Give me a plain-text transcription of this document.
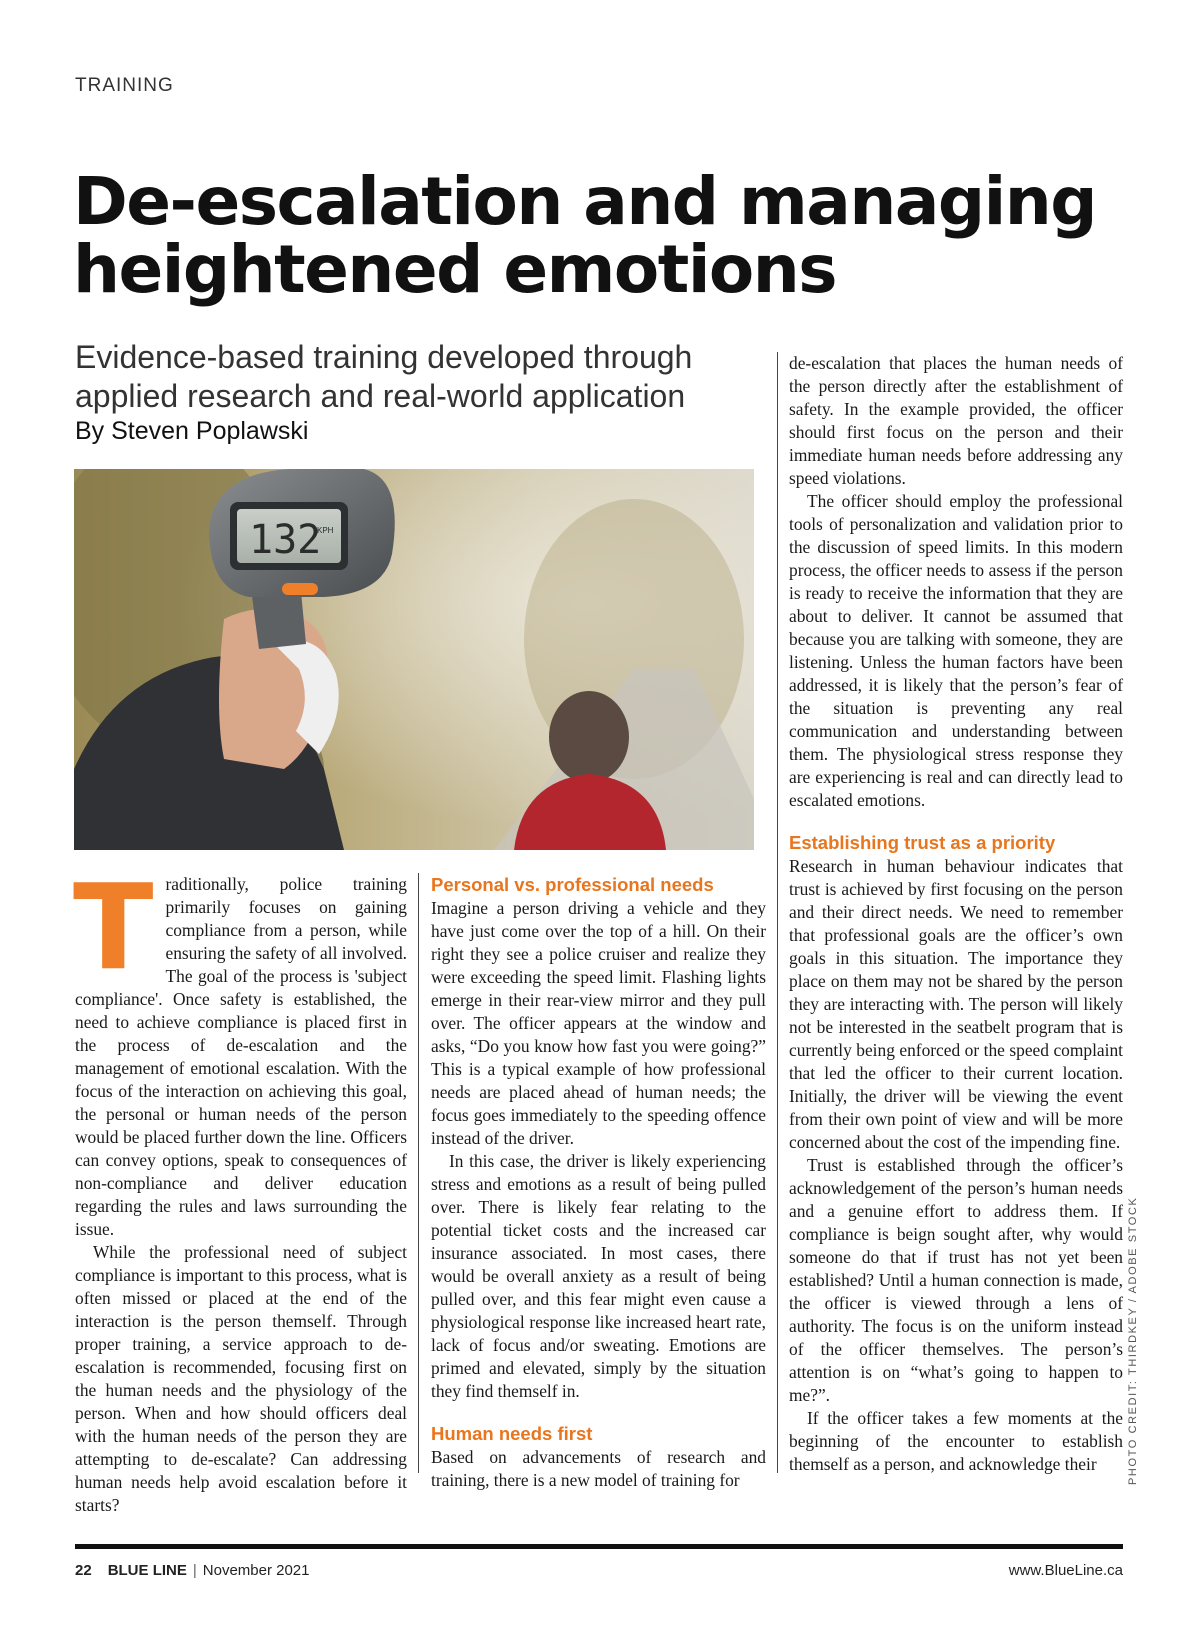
TRAINING
De-escalation and managing heightened emotions
Evidence-based training developed through applied research and real-world application
By Steven Poplawski
132
KPH

Traditionally, police training primarily focuses on gaining compliance from a person, while ensuring the safety of all involved. The goal of the process is 'subject compliance'. Once safety is established, the need to achieve compliance is placed first in the process of de-escalation and the management of emotional escalation. With the focus of the interaction on achieving this goal, the personal or human needs of the person would be placed further down the line. Officers can convey options, speak to consequences of non-compliance and deliver education regarding the rules and laws surrounding the issue.

While the professional need of subject compliance is important to this process, what is often missed or placed at the end of the interaction is the person themself. Through proper training, a service approach to de-escalation is recommended, focusing first on the human needs and the physiology of the person. When and how should officers deal with the human needs of the person they are attempting to de-escalate? Can addressing human needs help avoid escalation before it starts?

Personal vs. professional needs

Imagine a person driving a vehicle and they have just come over the top of a hill. On their right they see a police cruiser and realize they were exceeding the speed limit. Flashing lights emerge in their rear-view mirror and they pull over. The officer appears at the window and asks, “Do you know how fast you were going?” This is a typical example of how professional needs are placed ahead of human needs; the focus goes immediately to the speeding offence instead of the driver.

In this case, the driver is likely experiencing stress and emotions as a result of being pulled over. There is likely fear relating to the potential ticket costs and the increased car insurance associated. In most cases, there would be overall anxiety as a result of being pulled over, and this fear might even cause a physiological response like increased heart rate, lack of focus and/or sweating. Emotions are primed and elevated, simply by the situation they find themself in.

Human needs first

Based on advancements of research and training, there is a new model of training for

de-escalation that places the human needs of the person directly after the establishment of safety. In the example provided, the officer should first focus on the person and their immediate human needs before addressing any speed violations.

The officer should employ the professional tools of personalization and validation prior to the discussion of speed limits. In this modern process, the officer needs to assess if the person is ready to receive the information that they are about to deliver. It cannot be assumed that because you are talking with someone, they are listening. Unless the human factors have been addressed, it is likely that the person’s fear of the situation is preventing any real communication and understanding between them. The physiological stress response they are experiencing is real and can directly lead to escalated emotions.

Establishing trust as a priority

Research in human behaviour indicates that trust is achieved by first focusing on the person and their direct needs. We need to remember that professional goals are the officer’s own goals in this situation. The importance they place on them may not be shared by the person they are interacting with. The person will likely not be interested in the seatbelt program that is currently being enforced or the speed complaint that led the officer to their current location. Initially, the driver will be viewing the event from their own point of view and will be more concerned about the cost of the impending fine.

Trust is established through the officer’s acknowledgement of the person’s human needs and a genuine effort to address them. If compliance is beign sought after, why would someone do that if trust has not yet been established? Until a human connection is made, the officer is viewed through a lens of authority. The focus is on the uniform instead of the officer themselves. The person’s attention is on “what’s going to happen to me?”.

If the officer takes a few moments at the beginning of the encounter to establish themself as a person, and acknowledge their	PHOTO CREDIT: THIRDKEY / ADOBE STOCK
22 BLUE LINE | November 2021	www.BlueLine.ca
